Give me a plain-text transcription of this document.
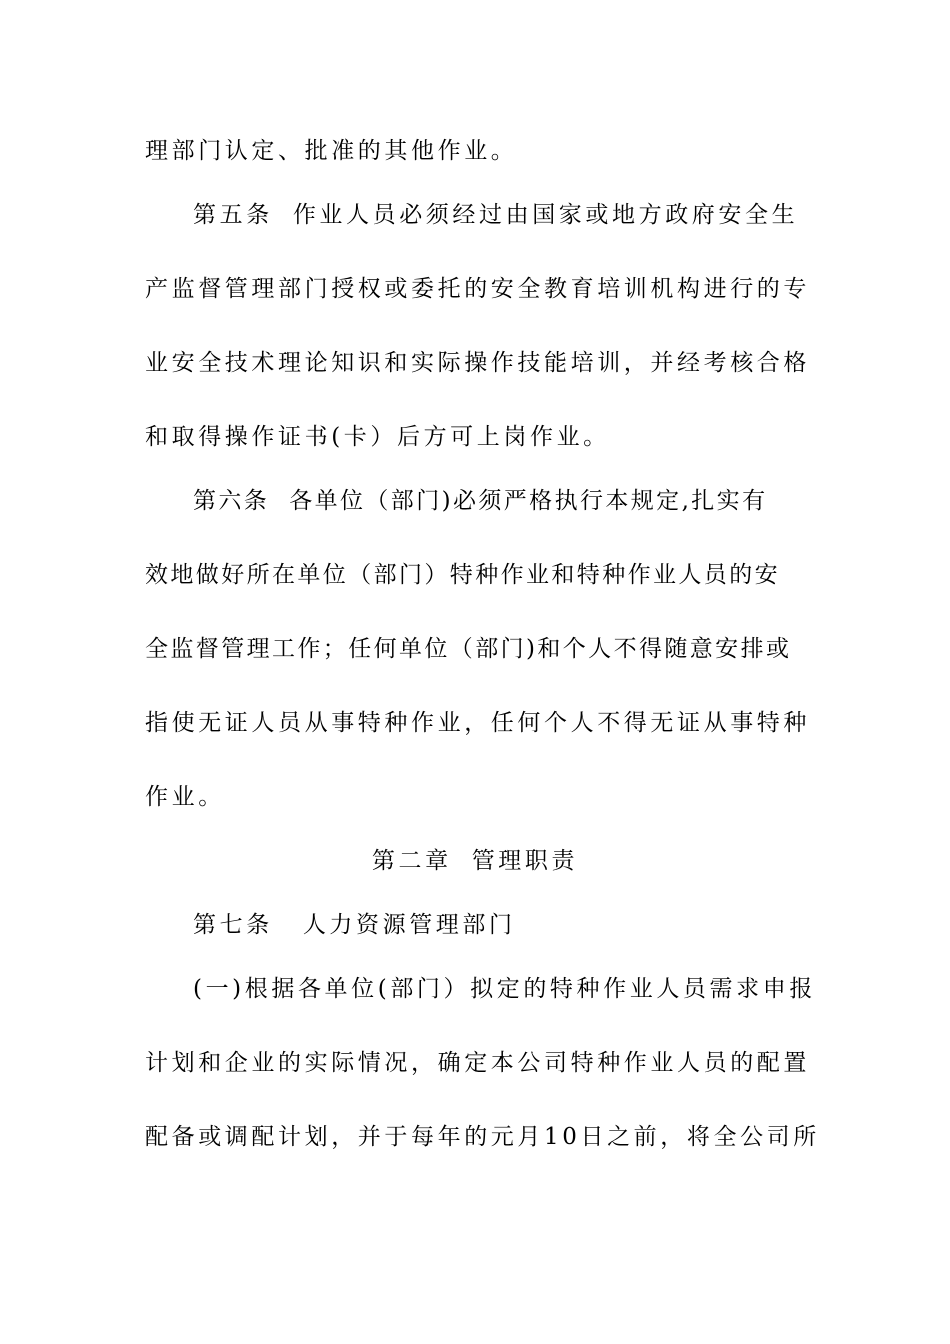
理部门认定、批准的其他作业。
第五条 作业人员必须经过由国家或地方政府安全生
产监督管理部门授权或委托的安全教育培训机构进行的专
业安全技术理论知识和实际操作技能培训，并经考核合格
和取得操作证书(卡）后方可上岗作业。
第六条 各单位（部门)必须严格执行本规定,扎实有
效地做好所在单位（部门）特种作业和特种作业人员的安
全监督管理工作；任何单位（部门)和个人不得随意安排或
指使无证人员从事特种作业，任何个人不得无证从事特种
作业。
第二章 管理职责
第七条 人力资源管理部门
(一)根据各单位(部门）拟定的特种作业人员需求申报
计划和企业的实际情况，确定本公司特种作业人员的配置
配备或调配计划，并于每年的元月10日之前，将全公司所
